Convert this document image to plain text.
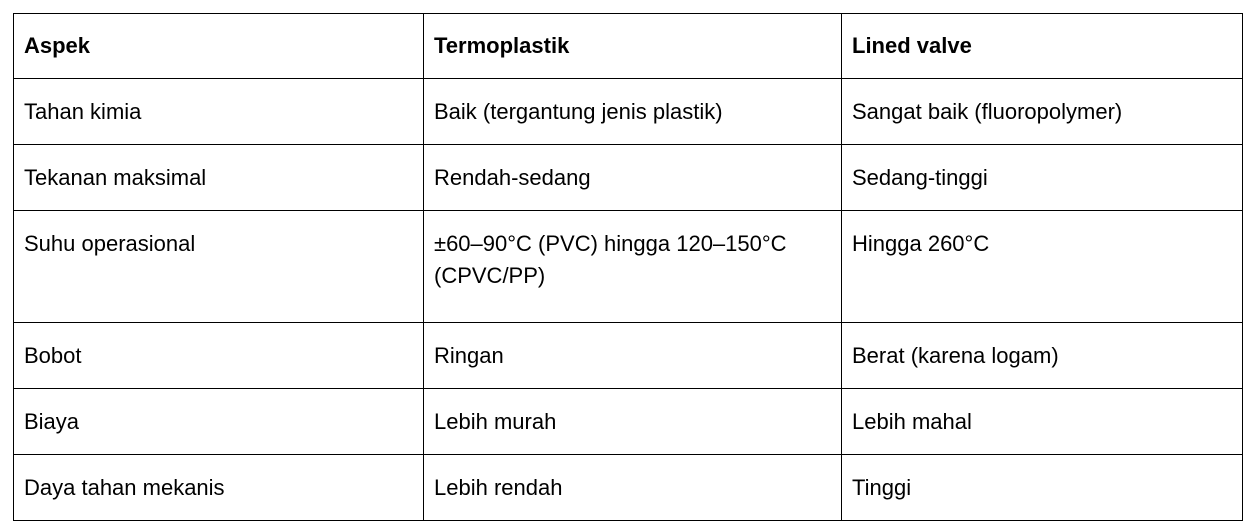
Aspek	Termoplastik	Lined valve
Tahan kimia	Baik (tergantung jenis plastik)	Sangat baik (fluoropolymer)
Tekanan maksimal	Rendah-sedang	Sedang-tinggi
Suhu operasional	±60–90°C (PVC) hingga 120–150°C (CPVC/PP)	Hingga 260°C
Bobot	Ringan	Berat (karena logam)
Biaya	Lebih murah	Lebih mahal
Daya tahan mekanis	Lebih rendah	Tinggi
